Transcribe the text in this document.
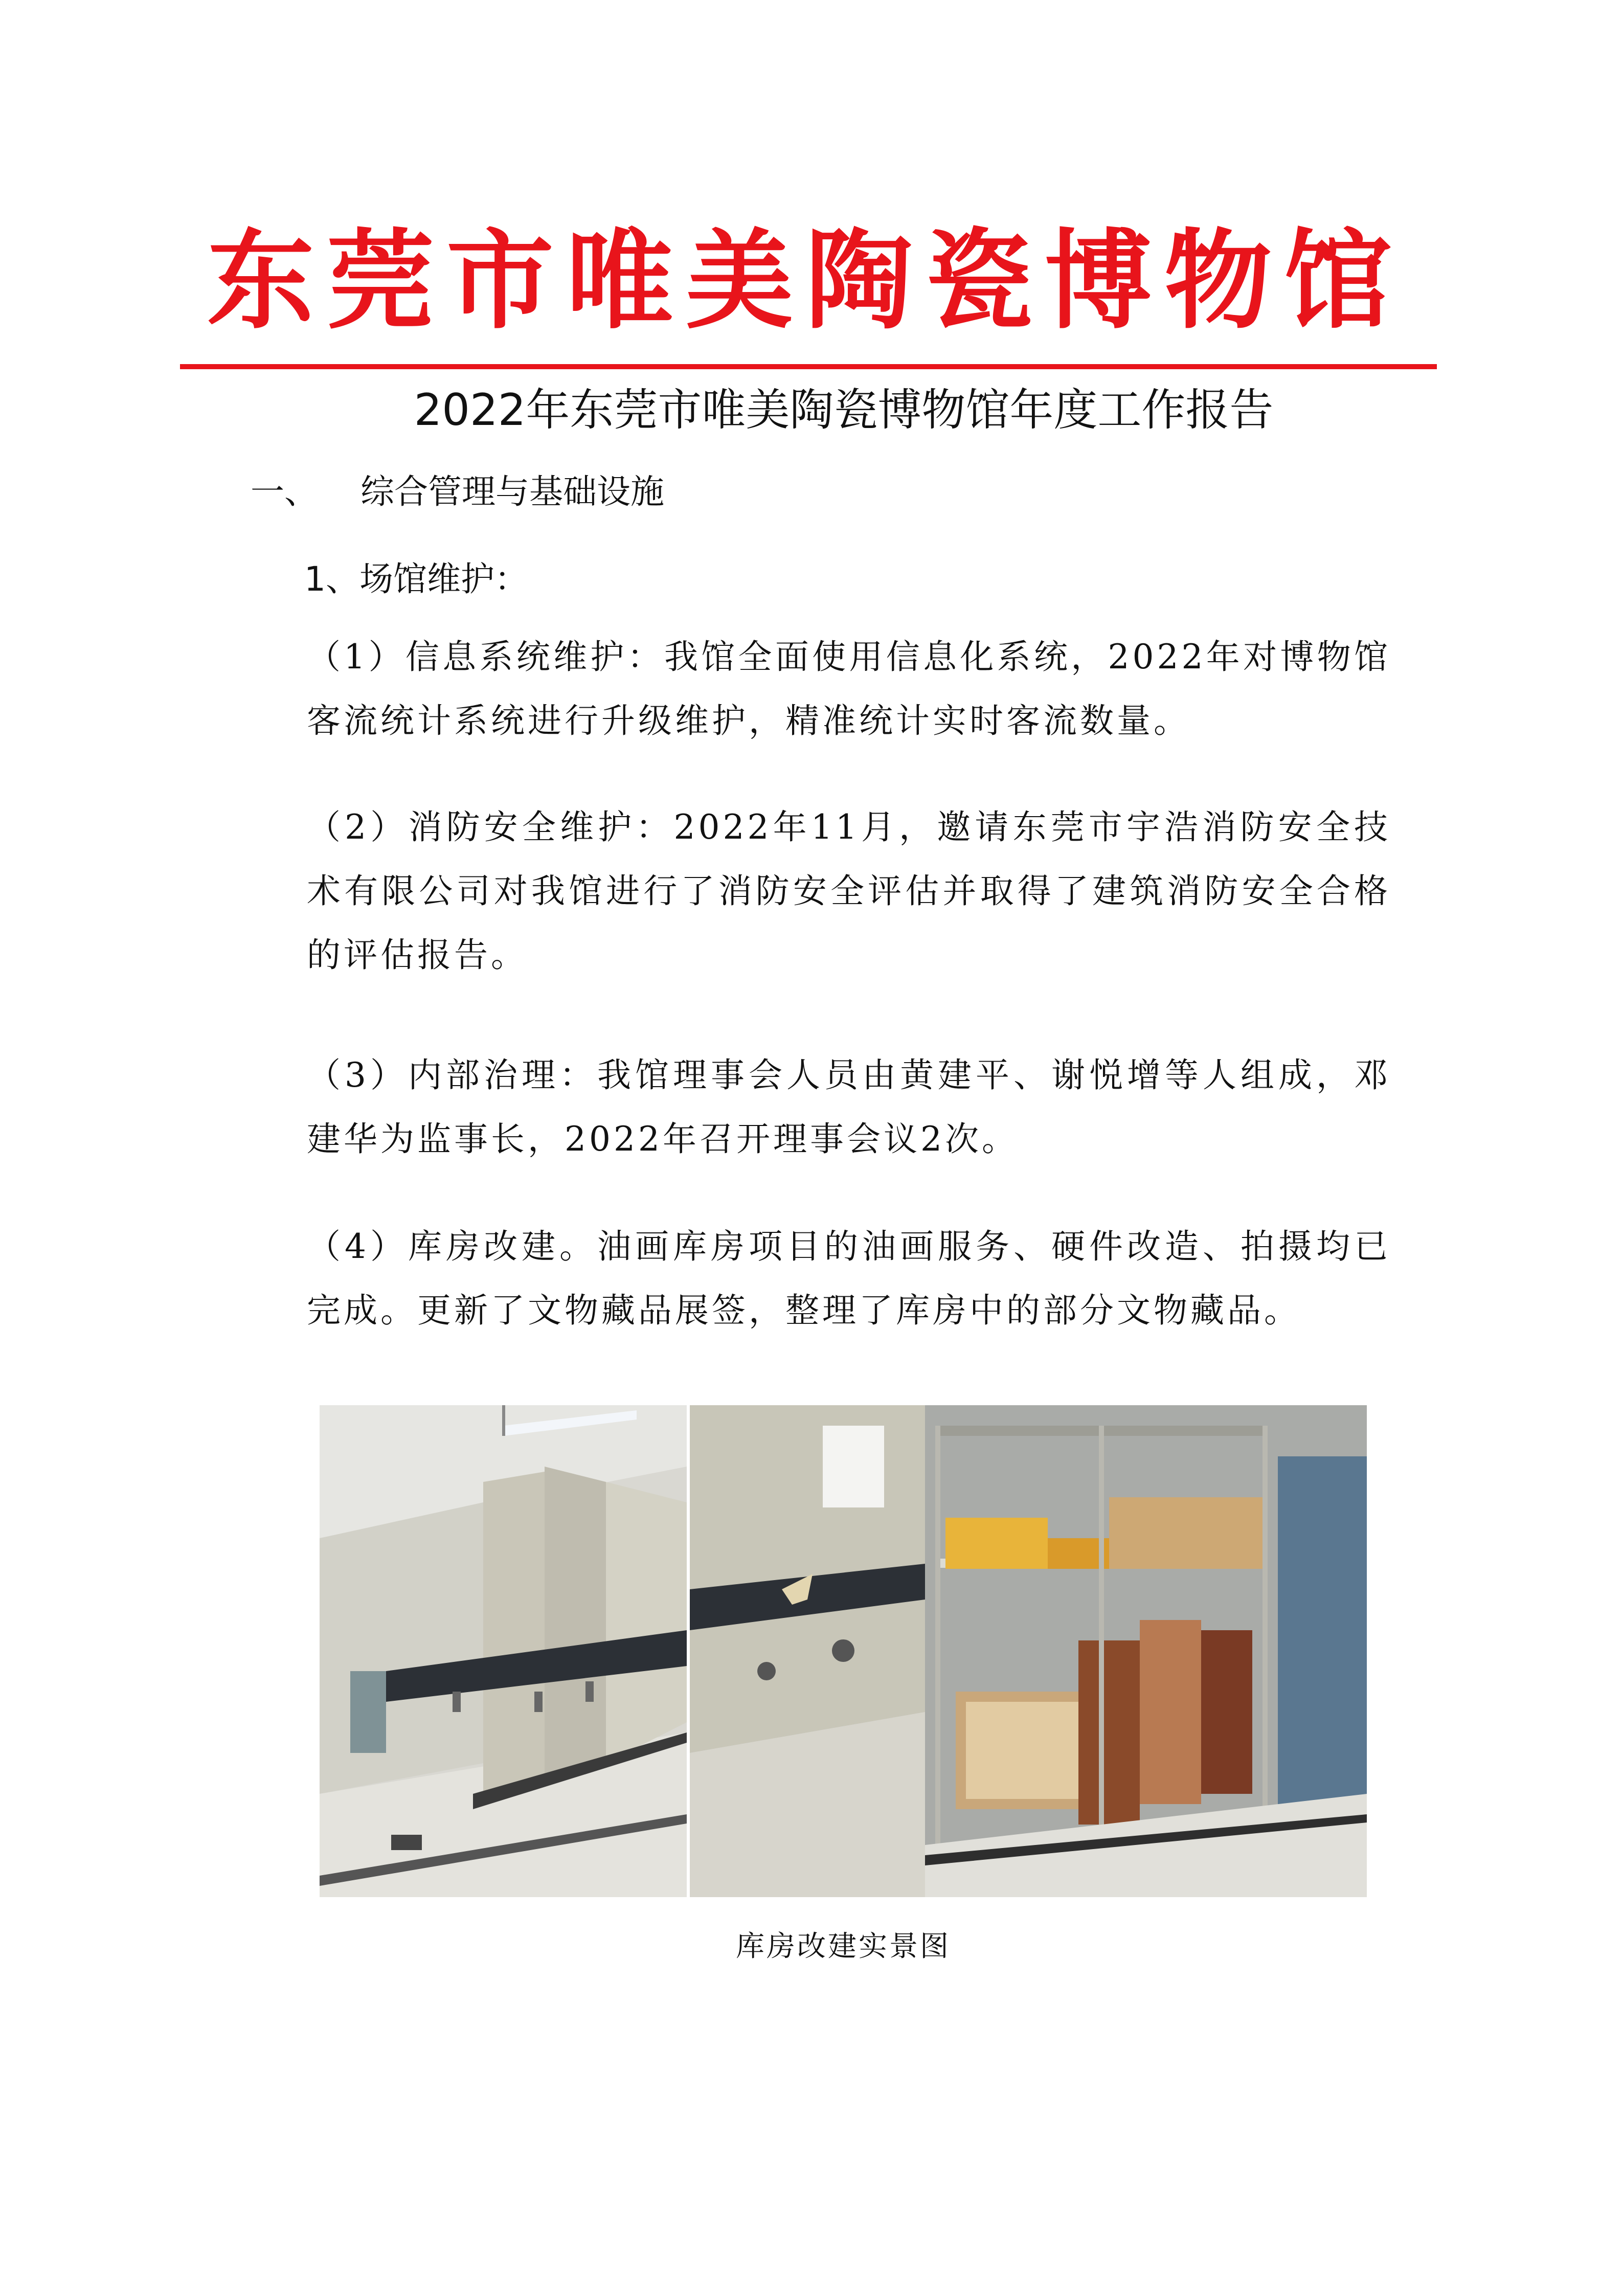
东莞市唯美陶瓷博物馆
2022年东莞市唯美陶瓷博物馆年度工作报告
一、 综合管理与基础设施
1、场馆维护：

（1）信息系统维护：我馆全面使用信息化系统，2022年对博物馆客流统计系统进行升级维护，精准统计实时客流数量。

（2）消防安全维护：2022年11月，邀请东莞市宇浩消防安全技术有限公司对我馆进行了消防安全评估并取得了建筑消防安全合格的评估报告。

（3）内部治理：我馆理事会人员由黄建平、谢悦增等人组成，邓建华为监事长，2022年召开理事会议2次。

（4）库房改建。油画库房项目的油画服务、硬件改造、拍摄均已完成。更新了文物藏品展签，整理了库房中的部分文物藏品。

库房改建实景图
